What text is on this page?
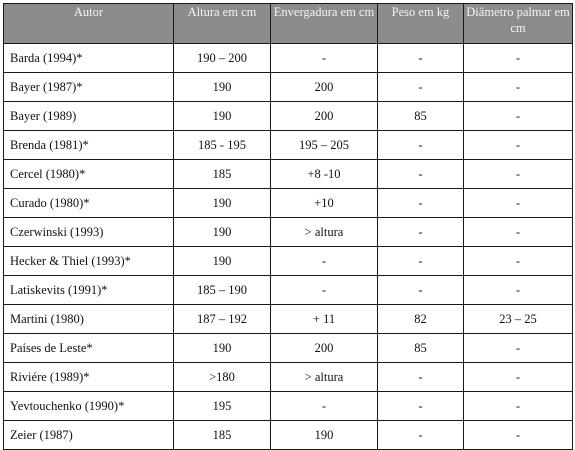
Autor	Altura em cm	Envergadura em cm	Peso em kg	Diâmetro palmar em cm
Barda (1994)*	190 – 200	-	-	-
Bayer (1987)*	190	200	-	-
Bayer (1989)	190	200	85	-
Brenda (1981)*	185 - 195	195 – 205	-	-
Cercel (1980)*	185	+8 -10	-	-
Curado (1980)*	190	+10	-	-
Czerwinski (1993)	190	> altura	-	-
Hecker & Thiel (1993)*	190	-	-	-
Latiskevits (1991)*	185 – 190	-	-	-
Martini (1980)	187 – 192	+ 11	82	23 – 25
Países de Leste*	190	200	85	-
Riviére (1989)*	>180	> altura	-	-
Yevtouchenko (1990)*	195	-	-	-
Zeier (1987)	185	190	-	-
